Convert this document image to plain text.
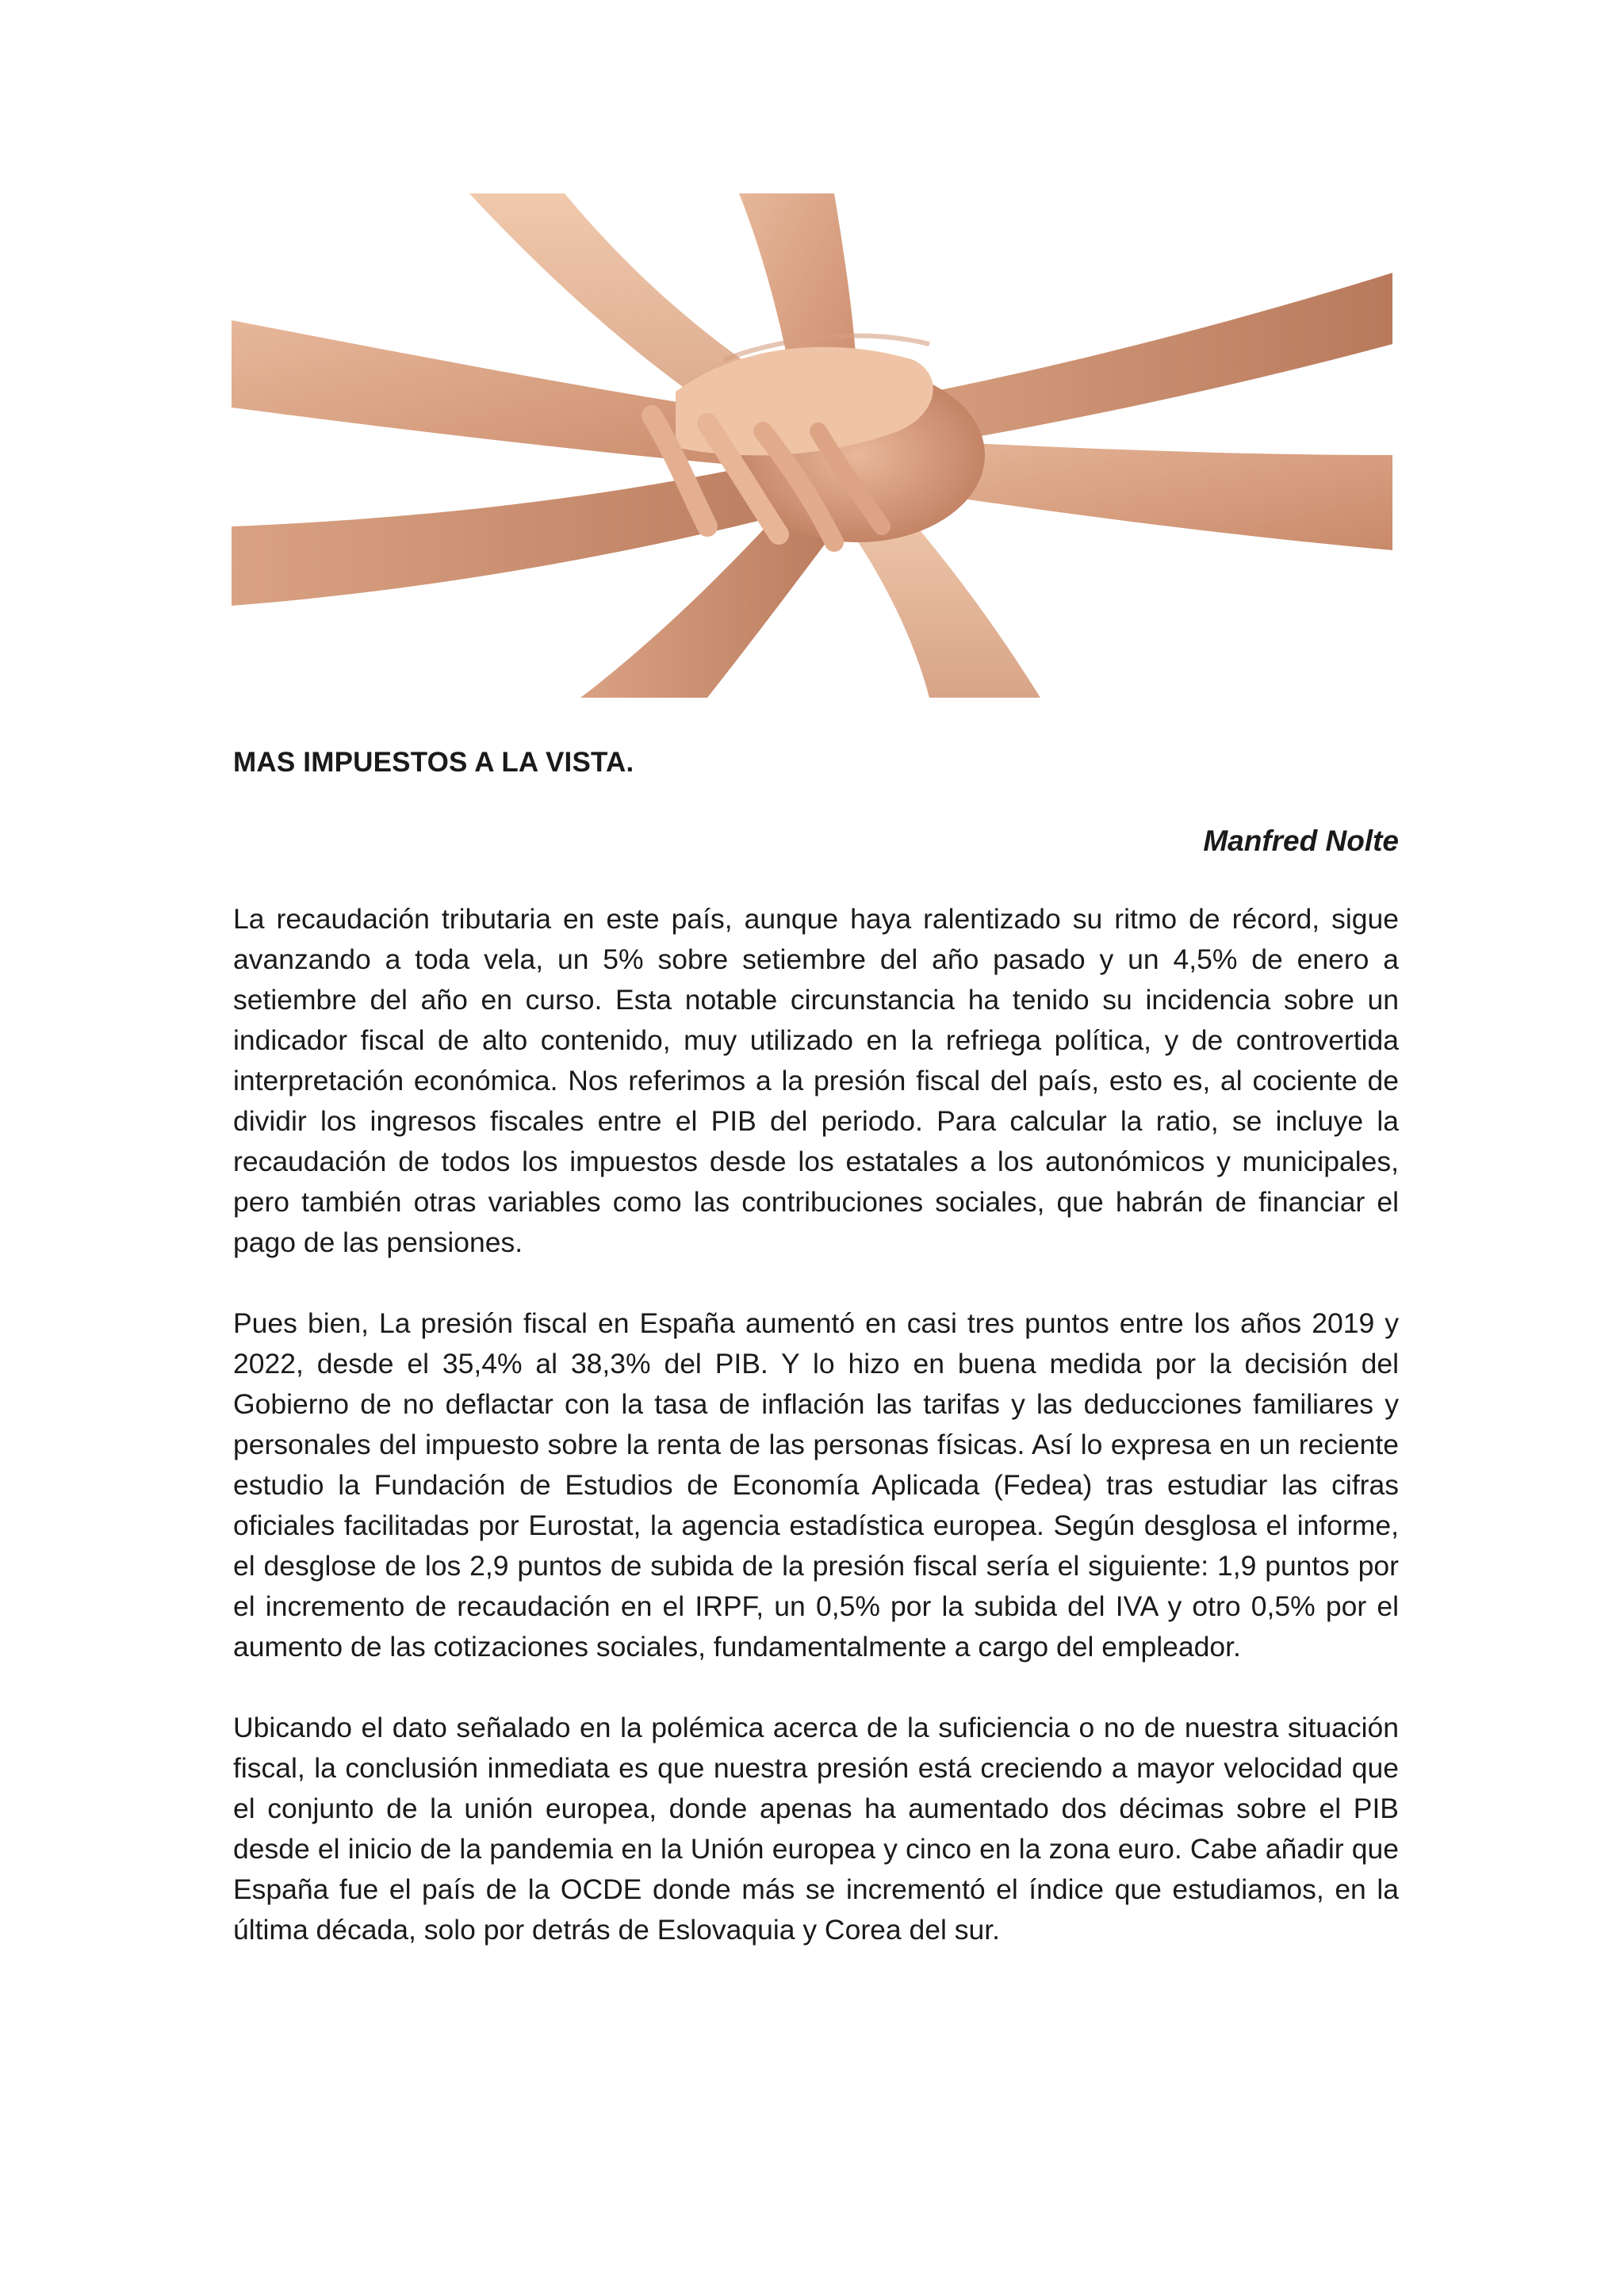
MAS IMPUESTOS A LA VISTA.
Manfred Nolte

La recaudación tributaria en este país, aunque haya ralentizado su ritmo de récord, sigue avanzando a toda vela, un 5% sobre setiembre del año pasado y un 4,5% de enero a setiembre del año en curso. Esta notable circunstancia ha tenido su incidencia sobre un indicador fiscal de alto contenido, muy utilizado en la refriega política, y de controvertida interpretación económica. Nos referimos a la presión fiscal del país, esto es, al cociente de dividir los ingresos fiscales entre el PIB del periodo. Para calcular la ratio, se incluye la recaudación de todos los impuestos desde los estatales a los autonómicos y municipales, pero también otras variables como las contribuciones sociales, que habrán de financiar el pago de las pensiones.

Pues bien, La presión fiscal en España aumentó en casi tres puntos entre los años 2019 y 2022, desde el 35,4% al 38,3% del PIB. Y lo hizo en buena medida por la decisión del Gobierno de no deflactar con la tasa de inflación las tarifas y las deducciones familiares y personales del impuesto sobre la renta de las personas físicas. Así lo expresa en un reciente estudio la Fundación de Estudios de Economía Aplicada (Fedea) tras estudiar las cifras oficiales facilitadas por Eurostat, la agencia estadística europea. Según desglosa el informe, el desglose de los 2,9 puntos de subida de la presión fiscal sería el siguiente: 1,9 puntos por el incremento de recaudación en el IRPF, un 0,5% por la subida del IVA y otro 0,5% por el aumento de las cotizaciones sociales, fundamentalmente a cargo del empleador.

Ubicando el dato señalado en la polémica acerca de la suficiencia o no de nuestra situación fiscal, la conclusión inmediata es que nuestra presión está creciendo a mayor velocidad que el conjunto de la unión europea, donde apenas ha aumentado dos décimas sobre el PIB desde el inicio de la pandemia en la Unión europea y cinco en la zona euro. Cabe añadir que España fue el país de la OCDE donde más se incrementó el índice que estudiamos, en la última década, solo por detrás de Eslovaquia y Corea del sur.
